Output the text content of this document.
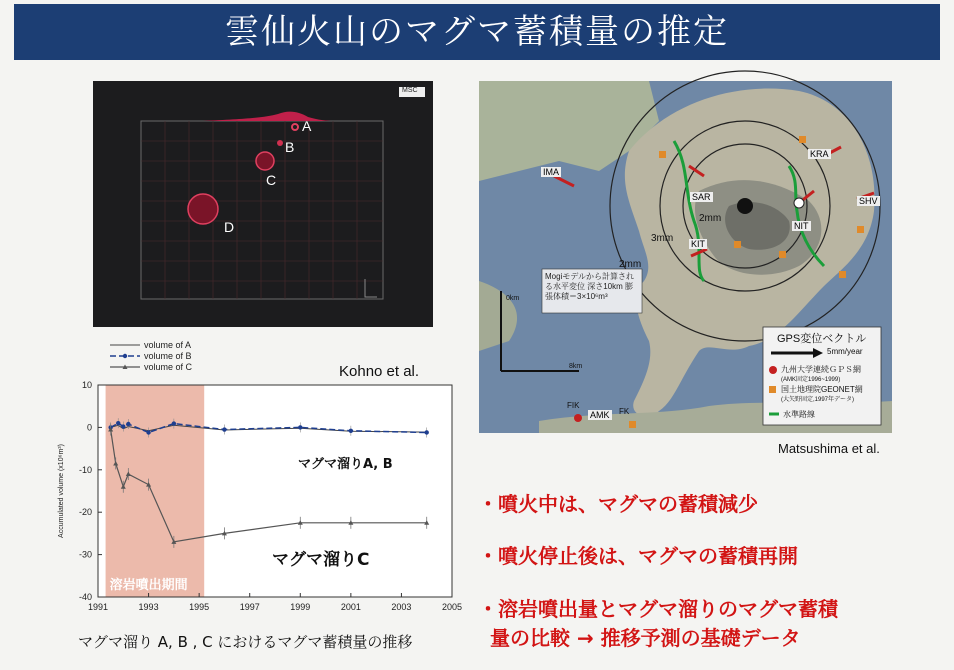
雲仙火山のマグマ蓄積量の推定
MSC
A
B
C
D
Kohno et al.
IMA
SAR
KIT
NIT
KRA
SHV
AMK
FIK
FK
3mm
2mm
2mm
Mogiモデルから計算される水平変位 深さ10km 膨張体積＝3×10⁶m³
0km
8km
GPS変位ベクトル
5mm/year
九州大学連続ＧＰＳ網
(AMK固定1996~1999)
国土地理院GEONET網
(大矢野固定,1997年データ)
水準路線
Matsushima et al.
溶岩噴出期間
1991	1993	1995	1997	1999	2001	2003	2005
10
0
-10
-20
-30
-40
Accumulated volume (x10⁶m³)
volume of A
volume of B
volume of C
マグマ溜りA, B
マグマ溜りC
マグマ溜り A, B , C におけるマグマ蓄積量の推移
・噴火中は、マグマの蓄積減少
・噴火停止後は、マグマの蓄積再開
・溶岩噴出量とマグマ溜りのマグマ蓄積
量の比較 → 推移予測の基礎データ
